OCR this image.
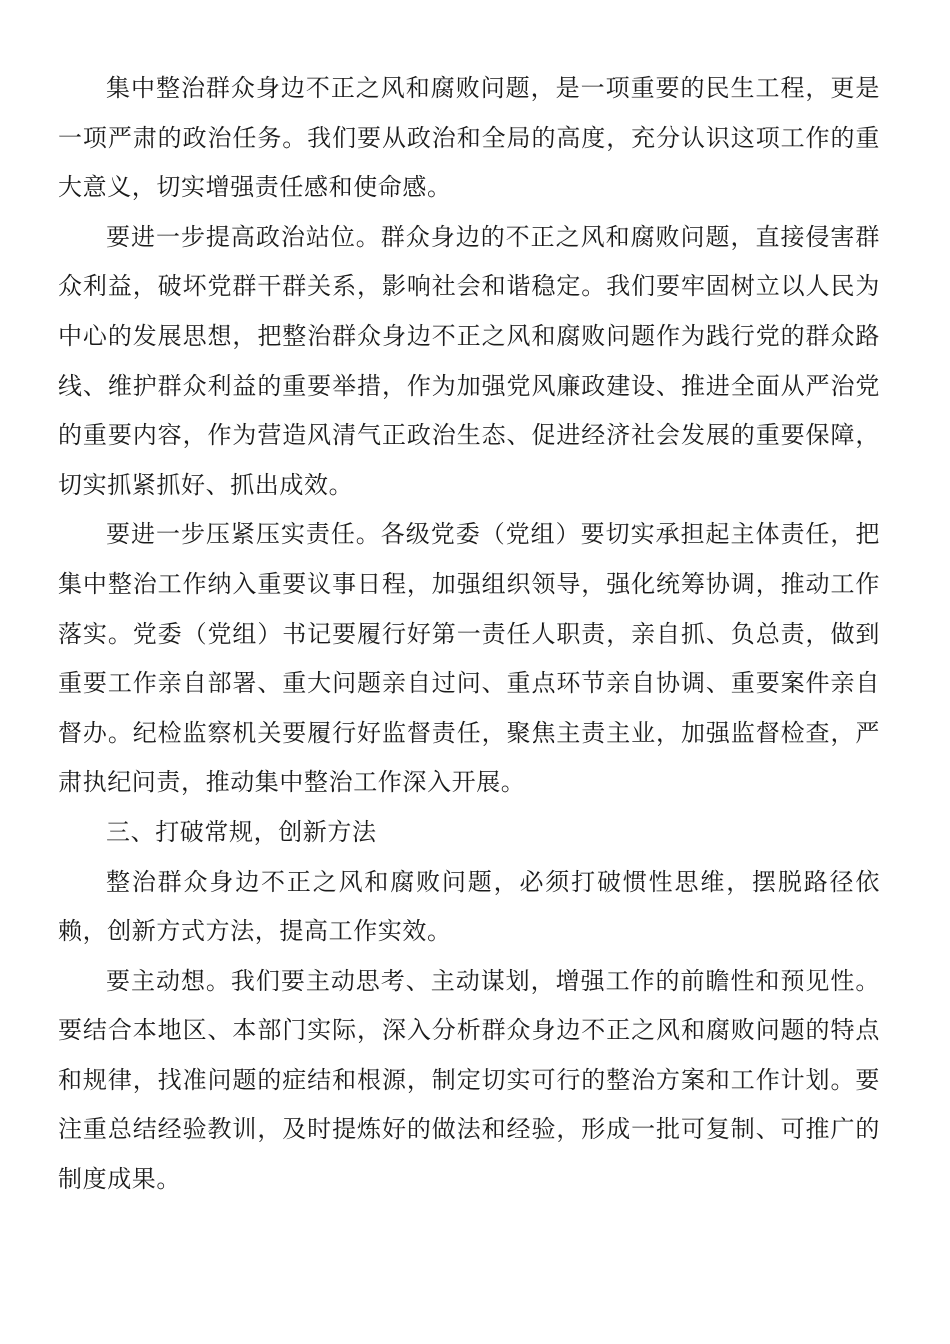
集中整治群众身边不正之风和腐败问题，是一项重要的民生工程，更是一项严肃的政治任务。我们要从政治和全局的高度，充分认识这项工作的重大意义，切实增强责任感和使命感。

要进一步提高政治站位。群众身边的不正之风和腐败问题，直接侵害群众利益，破坏党群干群关系，影响社会和谐稳定。我们要牢固树立以人民为中心的发展思想，把整治群众身边不正之风和腐败问题作为践行党的群众路线、维护群众利益的重要举措，作为加强党风廉政建设、推进全面从严治党的重要内容，作为营造风清气正政治生态、促进经济社会发展的重要保障，切实抓紧抓好、抓出成效。

要进一步压紧压实责任。各级党委（党组）要切实承担起主体责任，把集中整治工作纳入重要议事日程，加强组织领导，强化统筹协调，推动工作落实。党委（党组）书记要履行好第一责任人职责，亲自抓、负总责，做到重要工作亲自部署、重大问题亲自过问、重点环节亲自协调、重要案件亲自督办。纪检监察机关要履行好监督责任，聚焦主责主业，加强监督检查，严肃执纪问责，推动集中整治工作深入开展。

三、打破常规，创新方法

整治群众身边不正之风和腐败问题，必须打破惯性思维，摆脱路径依赖，创新方式方法，提高工作实效。

要主动想。我们要主动思考、主动谋划，增强工作的前瞻性和预见性。要结合本地区、本部门实际，深入分析群众身边不正之风和腐败问题的特点和规律，找准问题的症结和根源，制定切实可行的整治方案和工作计划。要注重总结经验教训，及时提炼好的做法和经验，形成一批可复制、可推广的制度成果。
